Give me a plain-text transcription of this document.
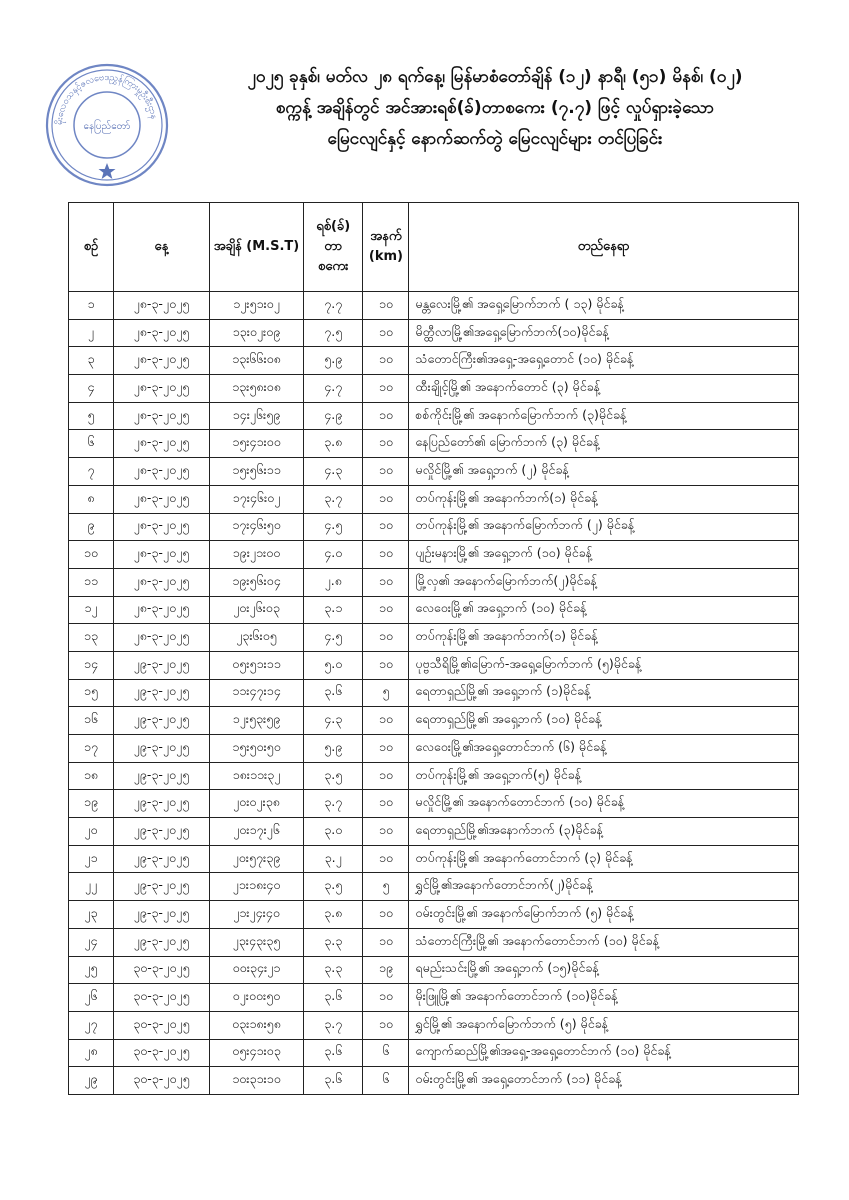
မိုးလေဝသနှင့်ဇလဗေဒညွှန်ကြားမှုဦးစီးဌာန
နေပြည်တော်
၂၀၂၅ ခုနှစ်၊ မတ်လ ၂၈ ရက်နေ့၊ မြန်မာစံတော်ချိန် (၁၂) နာရီ၊ (၅၁) မိနစ်၊ (၀၂)
စက္ကန့် အချိန်တွင် အင်အားရစ်(ခ်)တာစကေး (၇.၇) ဖြင့် လှုပ်ရှားခဲ့သော
မြေငလျင်နှင့် နောက်ဆက်တွဲ မြေငလျင်များ တင်ပြခြင်း
စဉ်	နေ့	အချိန် (M.S.T)	ရစ်(ခ်) တာ စကေး	အနက် (km)	တည်နေရာ
၁	၂၈-၃-၂၀၂၅	၁၂း၅၁း၀၂	၇.၇	၁၀	မန္တလေးမြို့၏ အရှေ့မြောက်ဘက် ( ၁၃) မိုင်ခန့်
၂	၂၈-၃-၂၀၂၅	၁၃း၀၂း၀၉	၇.၅	၁၀	မိတ္ထီလာမြို့၏အရှေ့မြောက်ဘက်(၁၀)မိုင်ခန့်
၃	၂၈-၃-၂၀၂၅	၁၃း၆၆း၀၈	၅.၉	၁၀	သံတောင်ကြီး၏အရှေ့-အရှေ့တောင် (၁၀) မိုင်ခန့်
၄	၂၈-၃-၂၀၂၅	၁၃း၅၈း၀၈	၄.၇	၁၀	ထီးချိုင့်မြို့၏ အနောက်တောင် (၃) မိုင်ခန့်
၅	၂၈-၃-၂၀၂၅	၁၄း၂၆း၅၉	၄.၉	၁၀	စစ်ကိုင်းမြို့၏ အနောက်မြောက်ဘက် (၃)မိုင်ခန့်
၆	၂၈-၃-၂၀၂၅	၁၅း၄၁း၀၀	၃.၈	၁၀	နေပြည်တော်၏ မြောက်ဘက် (၃) မိုင်ခန့်
၇	၂၈-၃-၂၀၂၅	၁၅း၅၆း၁၁	၄.၃	၁၀	မလှိုင်မြို့၏ အရှေ့ဘက် (၂) မိုင်ခန့်
၈	၂၈-၃-၂၀၂၅	၁၇း၄၆း၀၂	၃.၇	၁၀	တပ်ကုန်းမြို့၏ အနောက်ဘက်(၁) မိုင်ခန့်
၉	၂၈-၃-၂၀၂၅	၁၇း၄၆း၅၀	၄.၅	၁၀	တပ်ကုန်းမြို့၏ အနောက်မြောက်ဘက် (၂) မိုင်ခန့်
၁၀	၂၈-၃-၂၀၂၅	၁၉း၂၁း၀၀	၄.၀	၁၀	ပျဉ်းမနားမြို့၏ အရှေ့ဘက် (၁၀) မိုင်ခန့်
၁၁	၂၈-၃-၂၀၂၅	၁၉း၅၆း၀၄	၂.၈	၁၀	မြို့လှ၏ အနောက်မြောက်ဘက်(၂)မိုင်ခန့်
၁၂	၂၈-၃-၂၀၂၅	၂၀း၂၆း၀၃	၃.၁	၁၀	လေဝေးမြို့၏ အရှေ့ဘက် (၁၀) မိုင်ခန့်
၁၃	၂၈-၃-၂၀၂၅	၂၃း၆း၀၅	၄.၅	၁၀	တပ်ကုန်းမြို့၏ အနောက်ဘက်(၁) မိုင်ခန့်
၁၄	၂၉-၃-၂၀၂၅	၀၅း၅၁း၁၁	၅.၀	၁၀	ပုဗ္ဗသီရိမြို့၏မြောက်-အရှေ့မြောက်ဘက် (၅)မိုင်ခန့်
၁၅	၂၉-၃-၂၀၂၅	၁၁း၄၇း၁၄	၃.၆	၅	ရေတာရှည်မြို့၏ အရှေ့ဘက် (၁)မိုင်ခန့်
၁၆	၂၉-၃-၂၀၂၅	၁၂း၅၃း၅၉	၄.၃	၁၀	ရေတာရှည်မြို့၏ အရှေ့ဘက် (၁၀) မိုင်ခန့်
၁၇	၂၉-၃-၂၀၂၅	၁၅း၅၀း၅၀	၅.၉	၁၀	လေဝေးမြို့၏အရှေ့တောင်ဘက် (၆) မိုင်ခန့်
၁၈	၂၉-၃-၂၀၂၅	၁၈း၁၁း၃၂	၃.၅	၁၀	တပ်ကုန်းမြို့၏ အရှေ့ဘက်(၅) မိုင်ခန့်
၁၉	၂၉-၃-၂၀၂၅	၂၀း၀၂း၃၈	၃.၇	၁၀	မလှိုင်မြို့၏ အနောက်တောင်ဘက် (၁၀) မိုင်ခန့်
၂၀	၂၉-၃-၂၀၂၅	၂၀း၁၇း၂၆	၃.၀	၁၀	ရေတာရှည်မြို့၏အနောက်ဘက် (၃)မိုင်ခန့်
၂၁	၂၉-၃-၂၀၂၅	၂၀း၅၇း၃၉	၃.၂	၁၀	တပ်ကုန်းမြို့၏ အနောက်တောင်ဘက် (၃) မိုင်ခန့်
၂၂	၂၉-၃-၂၀၂၅	၂၁း၁၈း၄၀	၃.၅	၅	ရွှင်မြို့၏အနောက်တောင်ဘက်(၂)မိုင်ခန့်
၂၃	၂၉-၃-၂၀၂၅	၂၁း၂၄း၄၀	၃.၈	၁၀	ဝမ်းတွင်းမြို့၏ အနောက်မြောက်ဘက် (၅) မိုင်ခန့်
၂၄	၂၉-၃-၂၀၂၅	၂၃း၄၃း၃၅	၃.၃	၁၀	သံတောင်ကြီးမြို့၏ အနောက်တောင်ဘက် (၁၀) မိုင်ခန့်
၂၅	၃၀-၃-၂၀၂၅	၀၀း၃၄း၂၁	၃.၃	၁၉	ရမည်းသင်းမြို့၏ အရှေ့ဘက် (၁၅)မိုင်ခန့်
၂၆	၃၀-၃-၂၀၂၅	၀၂း၀၀း၅၀	၃.၆	၁၀	မိုးဖြူမြို့၏ အနောက်တောင်ဘက် (၁၀)မိုင်ခန့်
၂၇	၃၀-၃-၂၀၂၅	၀၃း၁၈း၅၈	၃.၇	၁၀	ရွှင်မြို့၏ အနောက်မြောက်ဘက် (၅) မိုင်ခန့်
၂၈	၃၀-၃-၂၀၂၅	၀၅း၄၁း၀၃	၃.၆	၆	ကျောက်ဆည်မြို့၏အရှေ့-အရှေ့တောင်ဘက် (၁၀) မိုင်ခန့်
၂၉	၃၀-၃-၂၀၂၅	၁၀း၃၁း၁၀	၃.၆	၆	ဝမ်းတွင်းမြို့၏ အရှေ့တောင်ဘက် (၁၁) မိုင်ခန့်
